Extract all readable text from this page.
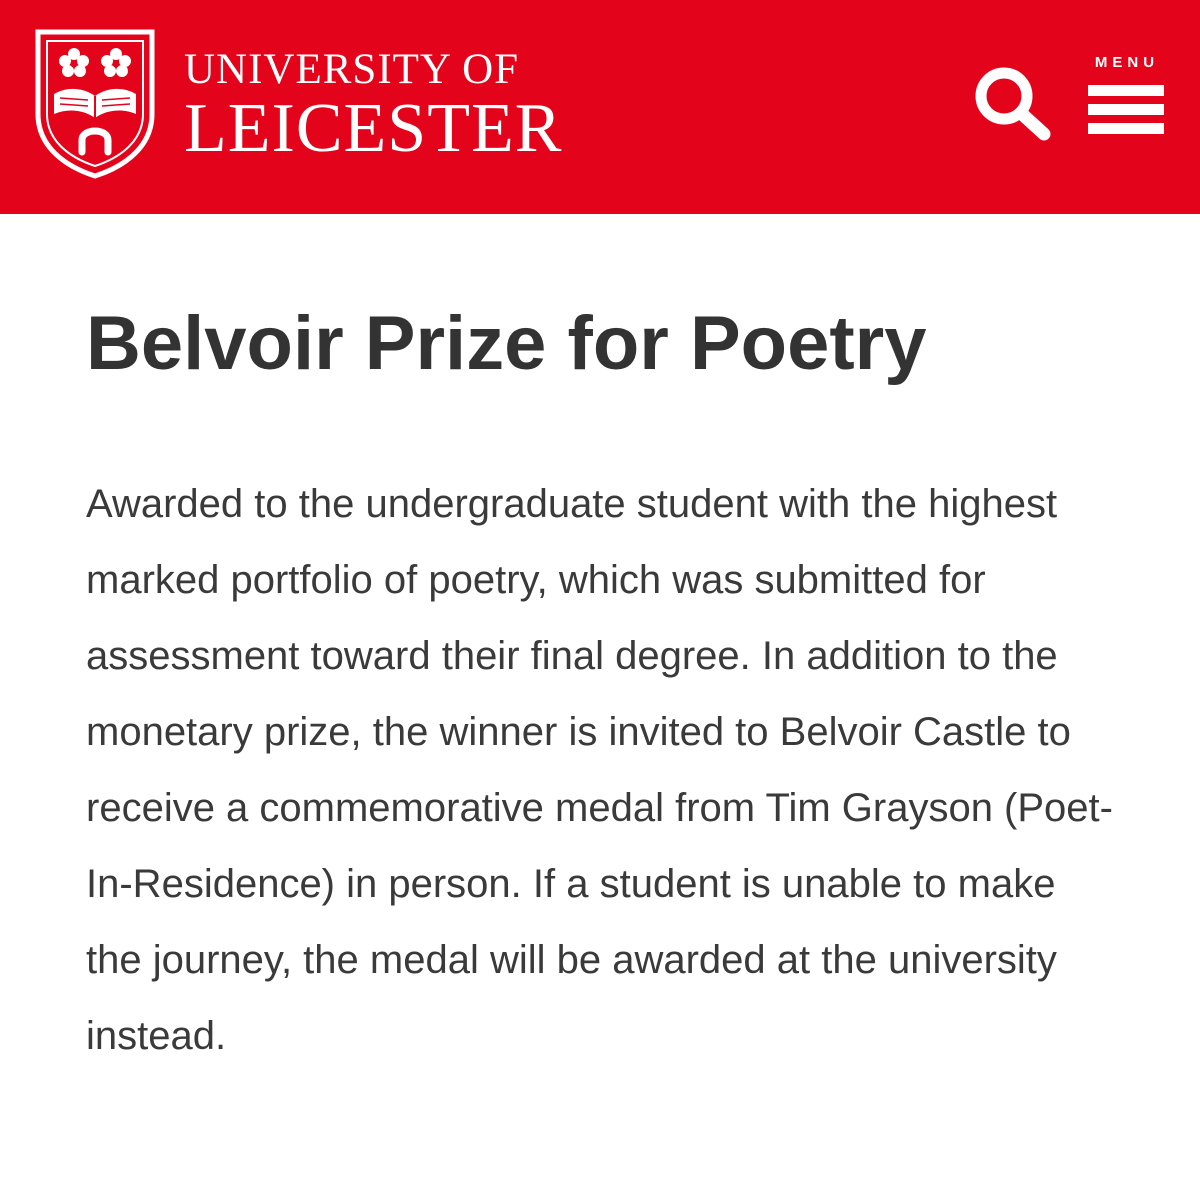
UNIVERSITY OF
LEICESTER
MENU
Belvoir Prize for Poetry

Awarded to the undergraduate student with the highest marked portfolio of poetry, which was submitted for assessment toward their final degree. In addition to the monetary prize, the winner is invited to Belvoir Castle to receive a commemorative medal from Tim Grayson (Poet-In-Residence) in person. If a student is unable to make the journey, the medal will be awarded at the university instead.
